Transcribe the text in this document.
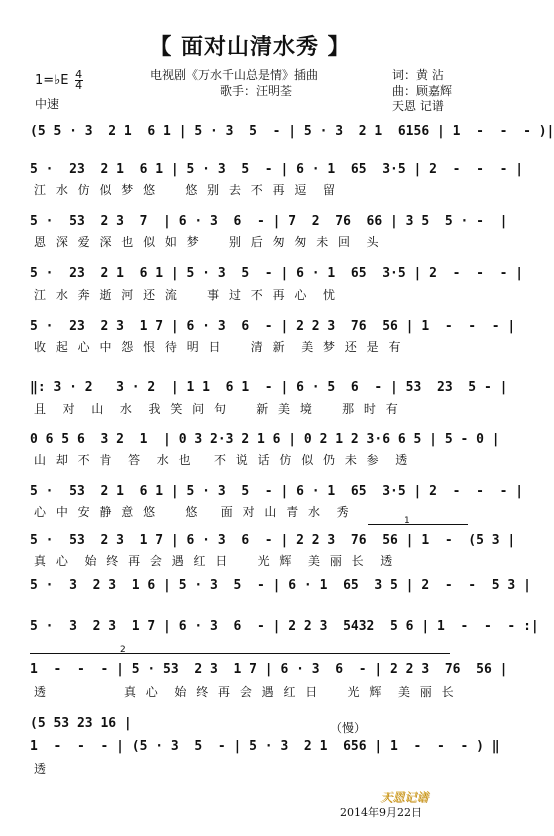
【 面对山清水秀 】
电视剧《万水千山总是情》插曲
歌手：汪明荃
词：黄 沾
曲：顾嘉辉
天恩 记谱
1=♭E $\frac{4}{4}$
中速
(5 5 · 3  2 1  6 1 | 5 · 3  5  - | 5 · 3  2 1  6156 | 1  -  -  - )|
5 ·  23  2 1  6 1 | 5 · 3  5  - | 6 · 1  65  3·5 | 2  -  -  - |
江 水 仿 似 梦 悠    悠 别 去 不 再 逗  留
5 ·  53  2 3  7  | 6 · 3  6  - | 7  2  76  66 | 3 5  5 · -  |
恩 深 爱 深 也 似 如 梦    别 后 匆 匆 未 回  头
5 ·  23  2 1  6 1 | 5 · 3  5  - | 6 · 1  65  3·5 | 2  -  -  - |
江 水 奔 逝 河 还 流    事 过 不 再 心  忧
5 ·  23  2 3  1 7 | 6 · 3  6  - | 2 2 3  76  56 | 1  -  -  - |
收 起 心 中 怨 恨 待 明 日    清 新  美 梦 还 是 有
‖: 3 · 2   3 · 2  | 1 1  6 1  - | 6 · 5  6  - | 53  23  5 - |
且  对  山  水  我 笑 问 句    新 美 境    那 时 有
0 6 5 6  3 2  1  | 0 3 2·3 2 1 6 | 0 2 1 2 3·6 6 5 | 5 - 0 |
山 却 不 肯  答  水 也   不 说 话 仿 似 仍 未 参  透
5 ·  53  2 1  6 1 | 5 · 3  5  - | 6 · 1  65  3·5 | 2  -  -  - |
心 中 安 静 意 悠    悠   面 对 山 青 水  秀
1
5 ·  53  2 3  1 7 | 6 · 3  6  - | 2 2 3  76  56 | 1  -  (5 3 |
真 心  始 终 再 会 遇 红 日    光 辉  美 丽 长  透
5 ·  3  2 3  1 6 | 5 · 3  5  - | 6 · 1  65  3 5 | 2  -  -  5 3 |
5 ·  3  2 3  1 7 | 6 · 3  6  - | 2 2 3  5432  5 6 | 1  -  -  - :|
2
1  -  -  - | 5 · 53  2 3  1 7 | 6 · 3  6  - | 2 2 3  76  56 |
透           真 心  始 终 再 会 遇 红 日    光 辉  美 丽 长
(5 53 23 16 |	（慢）
1  -  -  - | (5 · 3  5  - | 5 · 3  2 1  656 | 1  -  -  - ) ‖
透
天恩记谱
2014年9月22日
